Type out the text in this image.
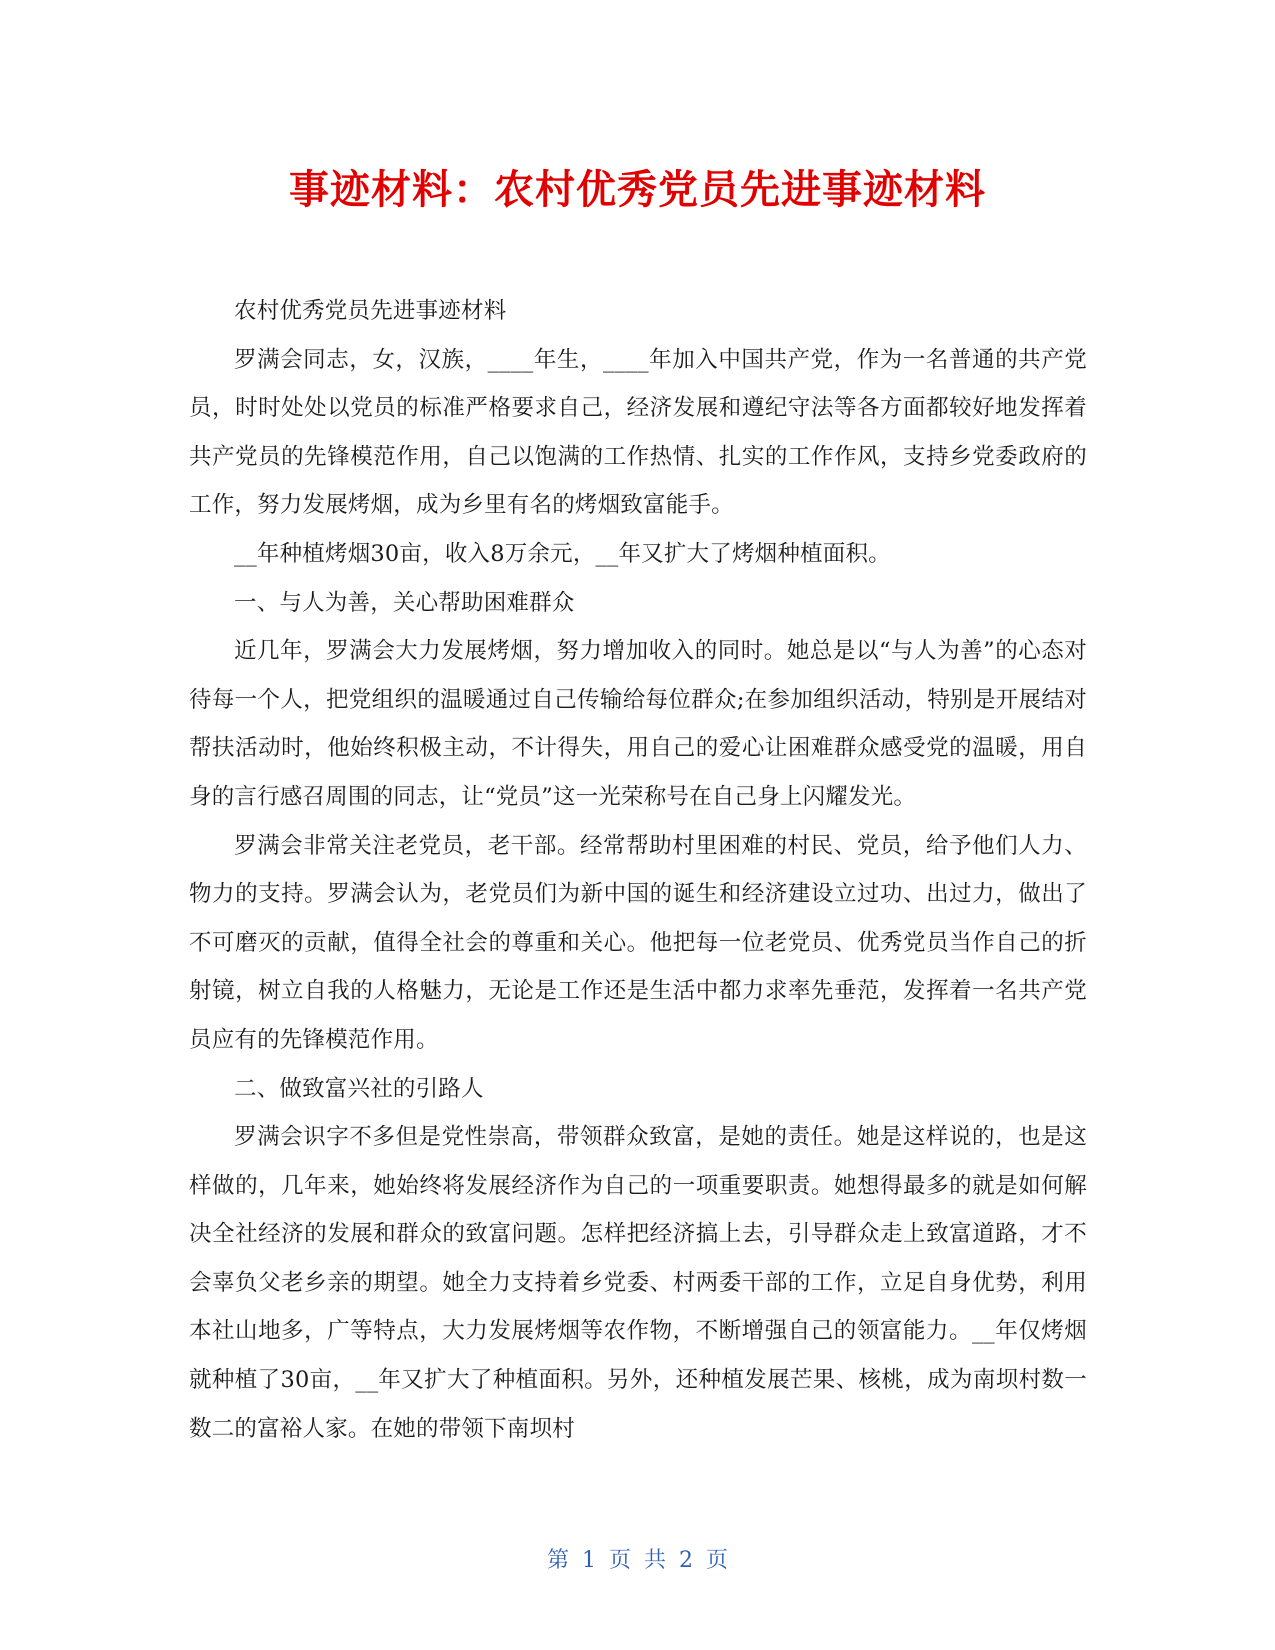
事迹材料：农村优秀党员先进事迹材料

农村优秀党员先进事迹材料

罗满会同志，女，汉族，____年生，____年加入中国共产党，作为一名普通的共产党员，时时处处以党员的标准严格要求自己，经济发展和遵纪守法等各方面都较好地发挥着共产党员的先锋模范作用，自己以饱满的工作热情、扎实的工作作风，支持乡党委政府的工作，努力发展烤烟，成为乡里有名的烤烟致富能手。

__年种植烤烟30亩，收入8万余元，__年又扩大了烤烟种植面积。

一、与人为善，关心帮助困难群众

近几年，罗满会大力发展烤烟，努力增加收入的同时。她总是以“与人为善”的心态对待每一个人，把党组织的温暖通过自己传输给每位群众;在参加组织活动，特别是开展结对帮扶活动时，他始终积极主动，不计得失，用自己的爱心让困难群众感受党的温暖，用自身的言行感召周围的同志，让“党员”这一光荣称号在自己身上闪耀发光。

罗满会非常关注老党员，老干部。经常帮助村里困难的村民、党员，给予他们人力、物力的支持。罗满会认为，老党员们为新中国的诞生和经济建设立过功、出过力，做出了不可磨灭的贡献，值得全社会的尊重和关心。他把每一位老党员、优秀党员当作自己的折射镜，树立自我的人格魅力，无论是工作还是生活中都力求率先垂范，发挥着一名共产党员应有的先锋模范作用。

二、做致富兴社的引路人

罗满会识字不多但是党性崇高，带领群众致富，是她的责任。她是这样说的，也是这样做的，几年来，她始终将发展经济作为自己的一项重要职责。她想得最多的就是如何解决全社经济的发展和群众的致富问题。怎样把经济搞上去，引导群众走上致富道路，才不会辜负父老乡亲的期望。她全力支持着乡党委、村两委干部的工作，立足自身优势，利用本社山地多，广等特点，大力发展烤烟等农作物，不断增强自己的领富能力。__年仅烤烟就种植了30亩，__年又扩大了种植面积。另外，还种植发展芒果、核桃，成为南坝村数一数二的富裕人家。在她的带领下南坝村

第 1 页 共 2 页
